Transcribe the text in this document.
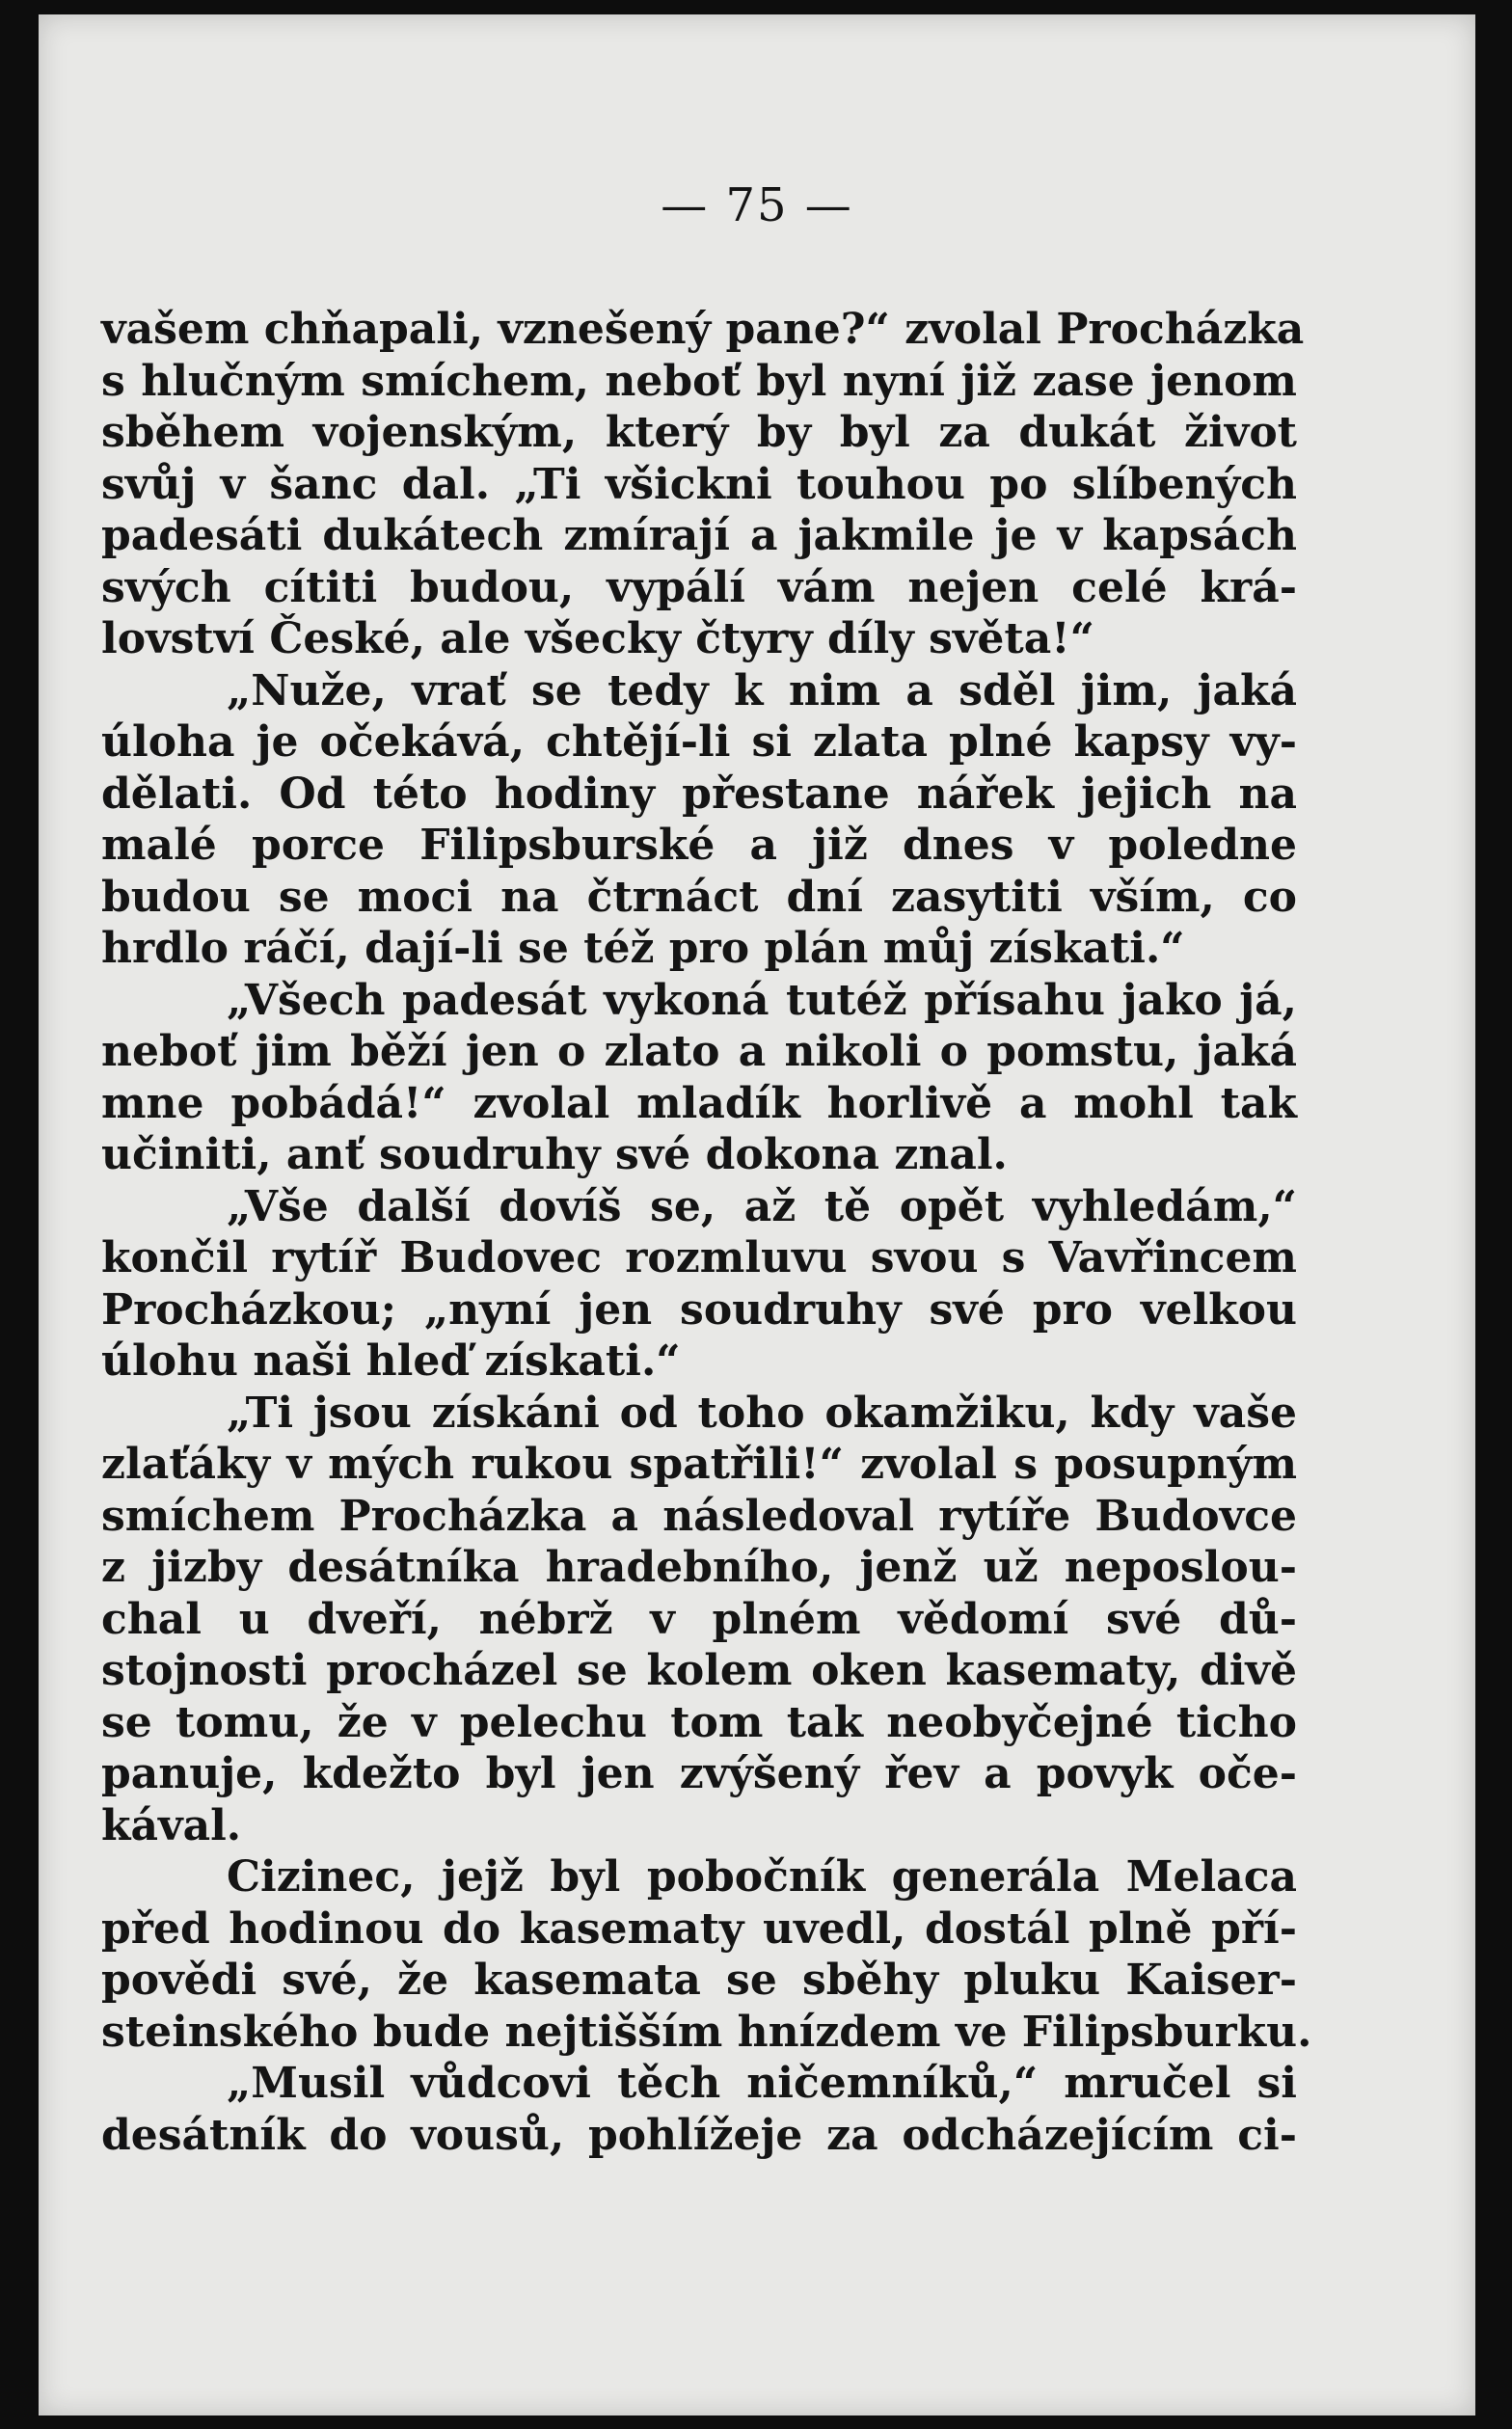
— 75 —
vašem chňapali, vznešený pane?“ zvolal Procházka
s hlučným smíchem, neboť byl nyní již zase jenom
sběhem vojenským, který by byl za dukát život
svůj v šanc dal. „Ti všickni touhou po slíbených
padesáti dukátech zmírají a jakmile je v kapsách
svých cítiti budou, vypálí vám nejen celé krá-
lovství České, ale všecky čtyry díly světa!“
„Nuže, vrať se tedy k nim a sděl jim, jaká
úloha je očekává, chtějí-li si zlata plné kapsy vy-
dělati. Od této hodiny přestane nářek jejich na
malé porce Filipsburské a již dnes v poledne
budou se moci na čtrnáct dní zasytiti vším, co
hrdlo ráčí, dají-li se též pro plán můj získati.“
„Všech padesát vykoná tutéž přísahu jako já,
neboť jim běží jen o zlato a nikoli o pomstu, jaká
mne pobádá!“ zvolal mladík horlivě a mohl tak
učiniti, anť soudruhy své dokona znal.
„Vše další dovíš se, až tě opět vyhledám,“
končil rytíř Budovec rozmluvu svou s Vavřincem
Procházkou; „nyní jen soudruhy své pro velkou
úlohu naši hleď získati.“
„Ti jsou získáni od toho okamžiku, kdy vaše
zlaťáky v mých rukou spatřili!“ zvolal s posupným
smíchem Procházka a následoval rytíře Budovce
z jizby desátníka hradebního, jenž už neposlou-
chal u dveří, nébrž v plném vědomí své dů-
stojnosti procházel se kolem oken kasematy, divě
se tomu, že v pelechu tom tak neobyčejné ticho
panuje, kdežto byl jen zvýšený řev a povyk oče-
kával.
Cizinec, jejž byl pobočník generála Melaca
před hodinou do kasematy uvedl, dostál plně pří-
povědi své, že kasemata se sběhy pluku Kaiser-
steinského bude nejtišším hnízdem ve Filipsburku.
„Musil vůdcovi těch ničemníků,“ mručel si
desátník do vousů, pohlížeje za odcházejícím ci-
